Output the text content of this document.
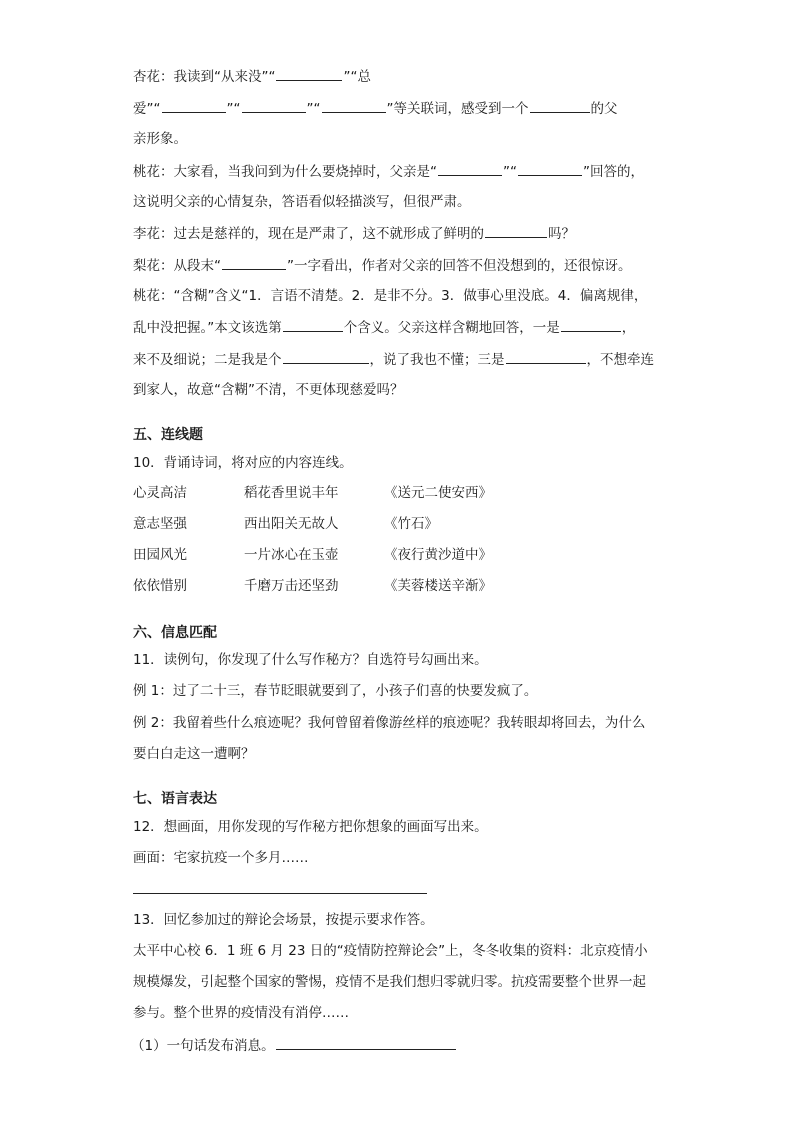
杏花：我读到“从来没”“	”“总
爱”“	”“	”“	”等关联词，感受到一个	的父
亲形象。
桃花：大家看，当我问到为什么要烧掉时，父亲是“	”“	”回答的，
这说明父亲的心情复杂，答语看似轻描淡写，但很严肃。
李花：过去是慈祥的，现在是严肃了，这不就形成了鲜明的	吗？
梨花：从段末“	”一字看出，作者对父亲的回答不但没想到的，还很惊讶。
桃花：“含糊”含义“1．言语不清楚。2．是非不分。3．做事心里没底。4．偏离规律，
乱中没把握。”本文该选第	个含义。父亲这样含糊地回答，一是	，
来不及细说；二是我是个	，说了我也不懂；三是	，不想牵连
到家人，故意“含糊”不清，不更体现慈爱吗？
五、连线题
10．背诵诗词，将对应的内容连线。
心灵高洁	稻花香里说丰年	《送元二使安西》
意志坚强	西出阳关无故人	《竹石》
田园风光	一片冰心在玉壶	《夜行黄沙道中》
依依惜别	千磨万击还坚劲	《芙蓉楼送辛渐》
六、信息匹配
11．读例句，你发现了什么写作秘方？自选符号勾画出来。
例 1：过了二十三，春节眨眼就要到了，小孩子们喜的快要发疯了。
例 2：我留着些什么痕迹呢？我何曾留着像游丝样的痕迹呢？我转眼却将回去，为什么
要白白走这一遭啊？
七、语言表达
12．想画面，用你发现的写作秘方把你想象的画面写出来。
画面：宅家抗疫一个多月……
13．回忆参加过的辩论会场景，按提示要求作答。
太平中心校 6．1 班 6 月 23 日的“疫情防控辩论会”上，冬冬收集的资料：北京疫情小
规模爆发，引起整个国家的警惕，疫情不是我们想归零就归零。抗疫需要整个世界一起
参与。整个世界的疫情没有消停……
（1）一句话发布消息。
